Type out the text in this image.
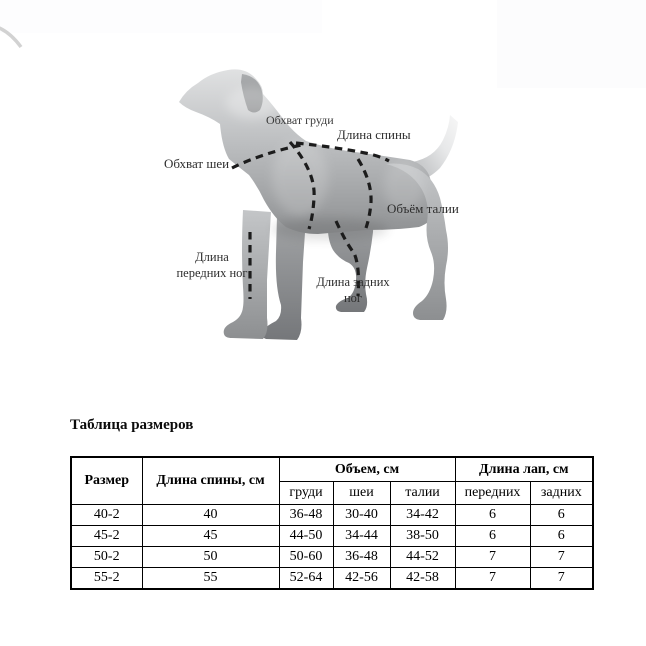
Обхват груди
Длина спины
Обхват шеи
Объём талии
Длина
передних ног
Длина задних
ног
Таблица размеров
Размер	Длина спины, см	Объем, см			Длина лап, см	
		груди	шеи	талии	передних	задних
40-2	40	36-48	30-40	34-42	6	6
45-2	45	44-50	34-44	38-50	6	6
50-2	50	50-60	36-48	44-52	7	7
55-2	55	52-64	42-56	42-58	7	7
